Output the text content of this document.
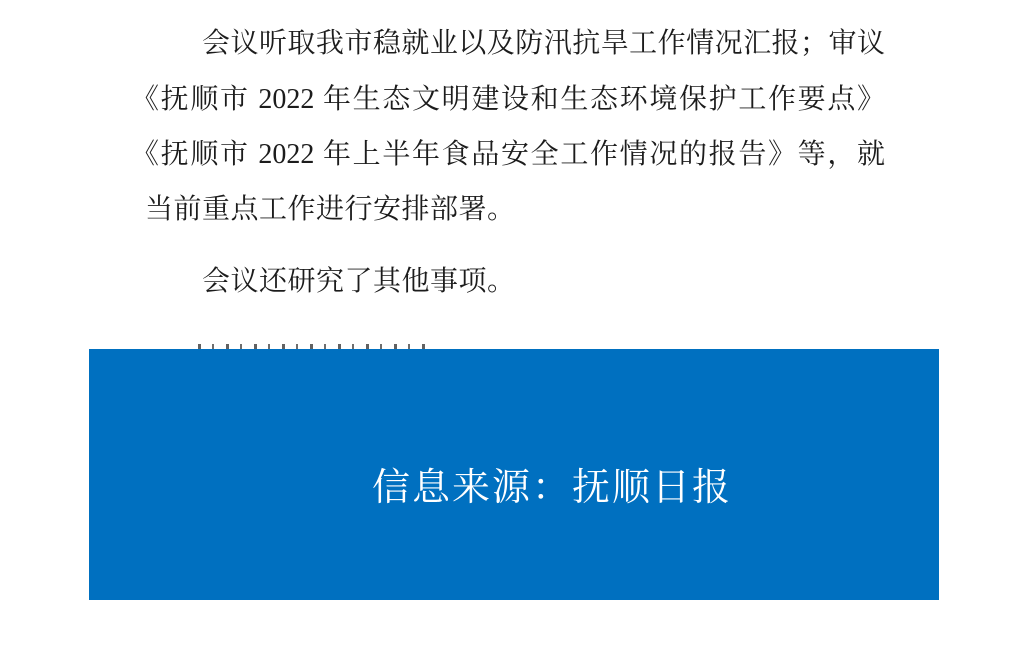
会议听取我市稳就业以及防汛抗旱工作情况汇报；审议
《抚顺市 2022 年生态文明建设和生态环境保护工作要点》
《抚顺市 2022 年上半年食品安全工作情况的报告》等，就
当前重点工作进行安排部署。
会议还研究了其他事项。
信息来源：抚顺日报
